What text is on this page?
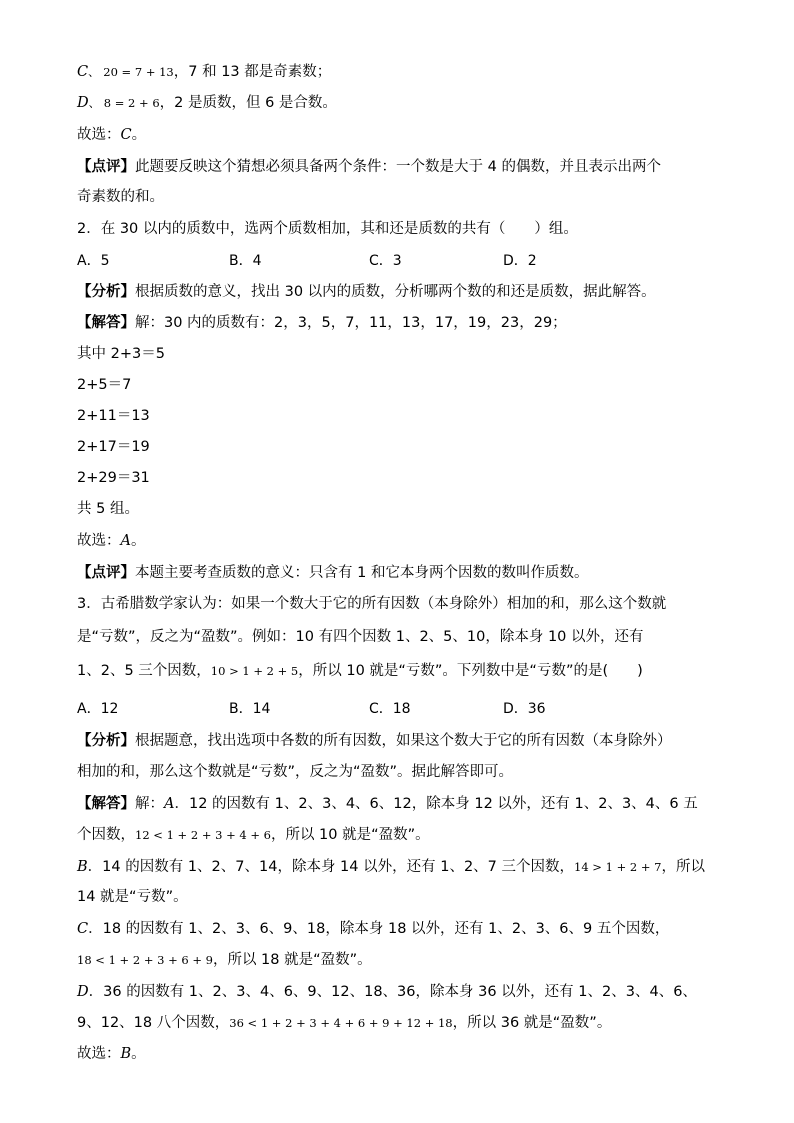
C、 20 = 7 + 13，7 和 13 都是奇素数；
D、 8 = 2 + 6，2 是质数，但 6 是合数。
故选：C。
【点评】此题要反映这个猜想必须具备两个条件：一个数是大于 4 的偶数，并且表示出两个
奇素数的和。
2．在 30 以内的质数中，选两个质数相加，其和还是质数的共有（　　）组。
A．5	B．4	C．3	D．2
【分析】根据质数的意义，找出 30 以内的质数，分析哪两个数的和还是质数，据此解答。
【解答】解：30 内的质数有：2，3，5，7，11，13，17，19，23，29；
其中 2+3＝5
2+5＝7
2+11＝13
2+17＝19
2+29＝31
共 5 组。
故选：A。
【点评】本题主要考查质数的意义：只含有 1 和它本身两个因数的数叫作质数。
3．古希腊数学家认为：如果一个数大于它的所有因数（本身除外）相加的和，那么这个数就
是“亏数”，反之为“盈数”。例如：10 有四个因数 1、2、5、10，除本身 10 以外，还有
1、2、5 三个因数，10 > 1 + 2 + 5，所以 10 就是“亏数”。下列数中是“亏数”的是(　　)
A．12	B．14	C．18	D．36
【分析】根据题意，找出选项中各数的所有因数，如果这个数大于它的所有因数（本身除外）
相加的和，那么这个数就是“亏数”，反之为“盈数”。据此解答即可。
【解答】解：A．12 的因数有 1、2、3、4、6、12，除本身 12 以外，还有 1、2、3、4、6 五
个因数，12 < 1 + 2 + 3 + 4 + 6，所以 10 就是“盈数”。
B．14 的因数有 1、2、7、14，除本身 14 以外，还有 1、2、7 三个因数，14 > 1 + 2 + 7，所以
14 就是“亏数”。
C．18 的因数有 1、2、3、6、9、18，除本身 18 以外，还有 1、2、3、6、9 五个因数，
18 < 1 + 2 + 3 + 6 + 9，所以 18 就是“盈数”。
D．36 的因数有 1、2、3、4、6、9、12、18、36，除本身 36 以外，还有 1、2、3、4、6、
9、12、18 八个因数，36 < 1 + 2 + 3 + 4 + 6 + 9 + 12 + 18，所以 36 就是“盈数”。
故选：B。
